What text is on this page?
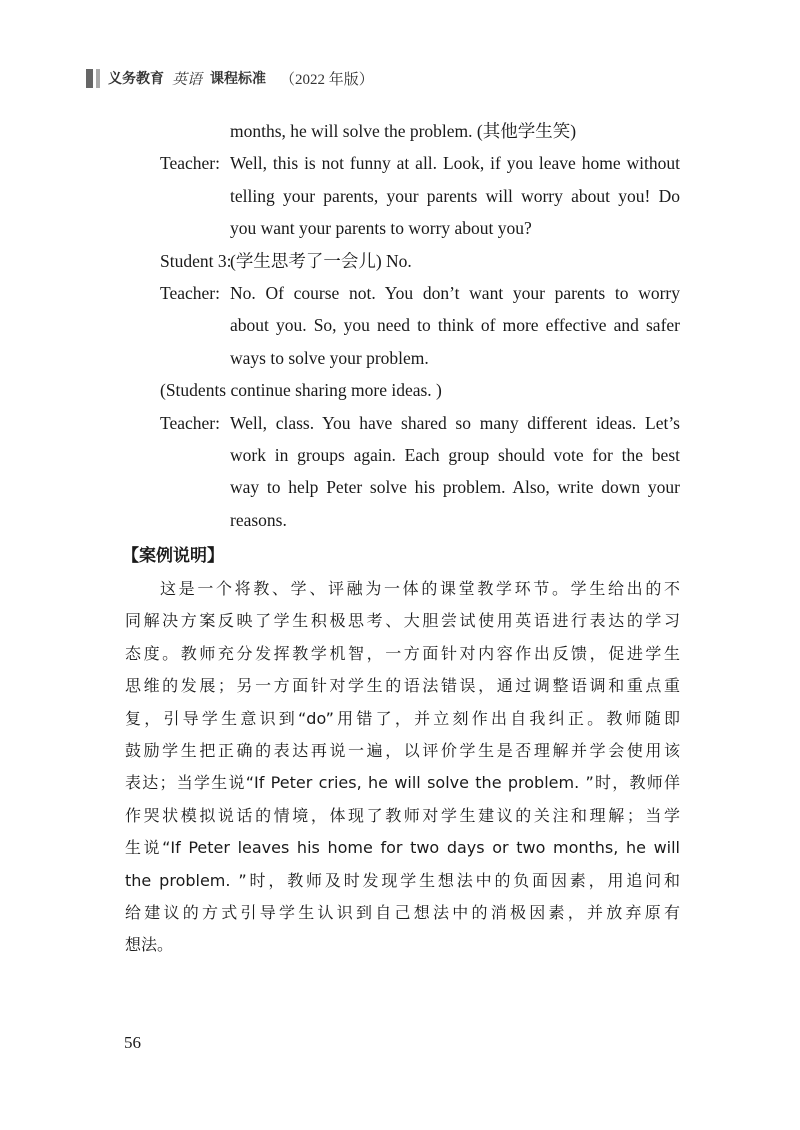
义务教育 英语 课程标准 （2022 年版）
months, he will solve the problem. (其他学生笑)
Teacher: Well, this is not funny at all. Look, if you leave home without
telling your parents, your parents will worry about you! Do
you want your parents to worry about you?
Student 3:
(学生思考了一会儿) No.
Teacher: No. Of course not. You don’t want your parents to worry
about you. So, you need to think of more effective and safer
ways to solve your problem.
(Students continue sharing more ideas. )
Teacher: Well, class. You have shared so many different ideas. Let’s
work in groups again. Each group should vote for the best
way to help Peter solve his problem. Also, write down your
reasons.
【案例说明】
这是一个将教、学、评融为一体的课堂教学环节。学生给出的不
同解决方案反映了学生积极思考、大胆尝试使用英语进行表达的学习
态度。教师充分发挥教学机智，一方面针对内容作出反馈，促进学生
思维的发展；另一方面针对学生的语法错误，通过调整语调和重点重
复，引导学生意识到“do”用错了，并立刻作出自我纠正。教师随即
鼓励学生把正确的表达再说一遍，以评价学生是否理解并学会使用该
表达；当学生说“If Peter cries, he will solve the problem. ”时，教师佯
作哭状模拟说话的情境，体现了教师对学生建议的关注和理解；当学
生说“If Peter leaves his home for two days or two months, he will
the problem. ”时，教师及时发现学生想法中的负面因素，用追问和
给建议的方式引导学生认识到自己想法中的消极因素，并放弃原有
想法。
56
